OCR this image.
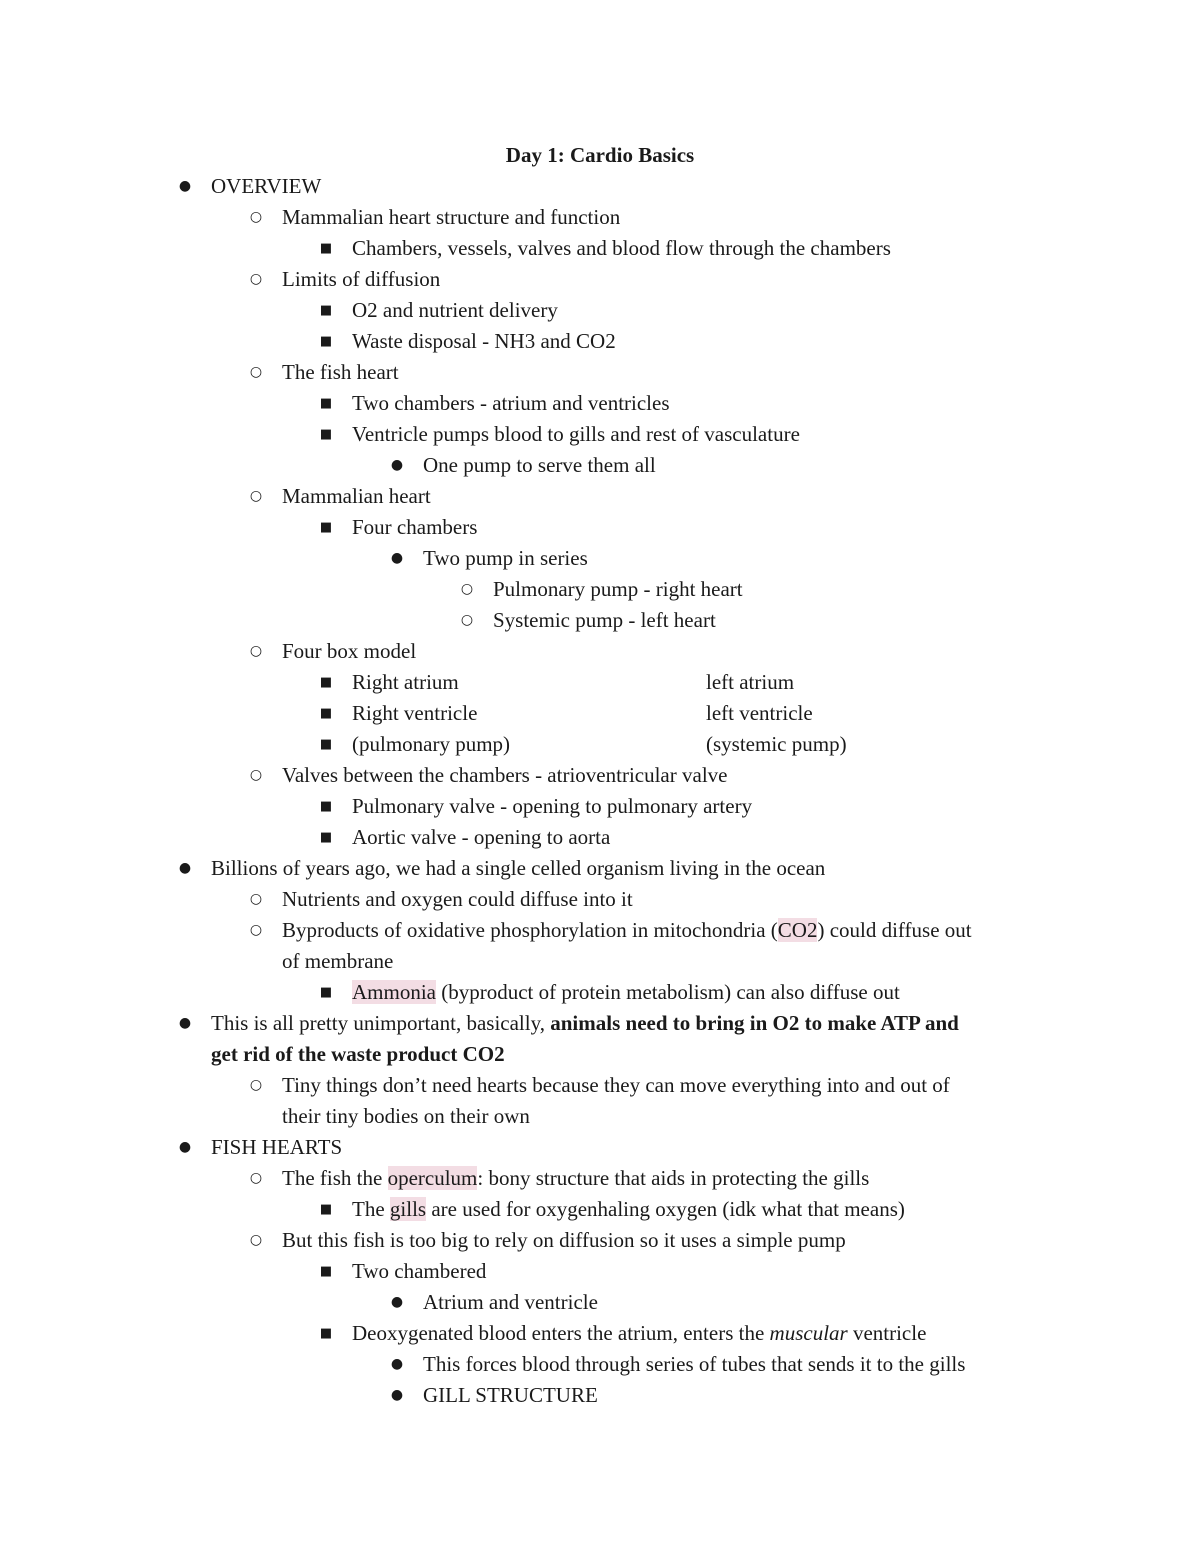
Day 1: Cardio Basics
● OVERVIEW
○ Mammalian heart structure and function
■ Chambers, vessels, valves and blood flow through the chambers
○ Limits of diffusion
■ O2 and nutrient delivery
■ Waste disposal - NH3 and CO2
○ The fish heart
■ Two chambers - atrium and ventricles
■ Ventricle pumps blood to gills and rest of vasculature
● One pump to serve them all
○ Mammalian heart
■ Four chambers
● Two pump in series
○ Pulmonary pump - right heart
○ Systemic pump - left heart
○ Four box model
■ Right atrium	left atrium
■ Right ventricle	left ventricle
■ (pulmonary pump)	(systemic pump)
○ Valves between the chambers - atrioventricular valve
■ Pulmonary valve - opening to pulmonary artery
■ Aortic valve - opening to aorta
● Billions of years ago, we had a single celled organism living in the ocean
○ Nutrients and oxygen could diffuse into it
○ Byproducts of oxidative phosphorylation in mitochondria (CO2) could diffuse out
of membrane
■ Ammonia (byproduct of protein metabolism) can also diffuse out
● This is all pretty unimportant, basically, animals need to bring in O2 to make ATP and
get rid of the waste product CO2
○ Tiny things don’t need hearts because they can move everything into and out of
their tiny bodies on their own
● FISH HEARTS
○ The fish the operculum: bony structure that aids in protecting the gills
■ The gills are used for oxygenhaling oxygen (idk what that means)
○ But this fish is too big to rely on diffusion so it uses a simple pump
■ Two chambered
● Atrium and ventricle
■ Deoxygenated blood enters the atrium, enters the muscular ventricle
● This forces blood through series of tubes that sends it to the gills
● GILL STRUCTURE
